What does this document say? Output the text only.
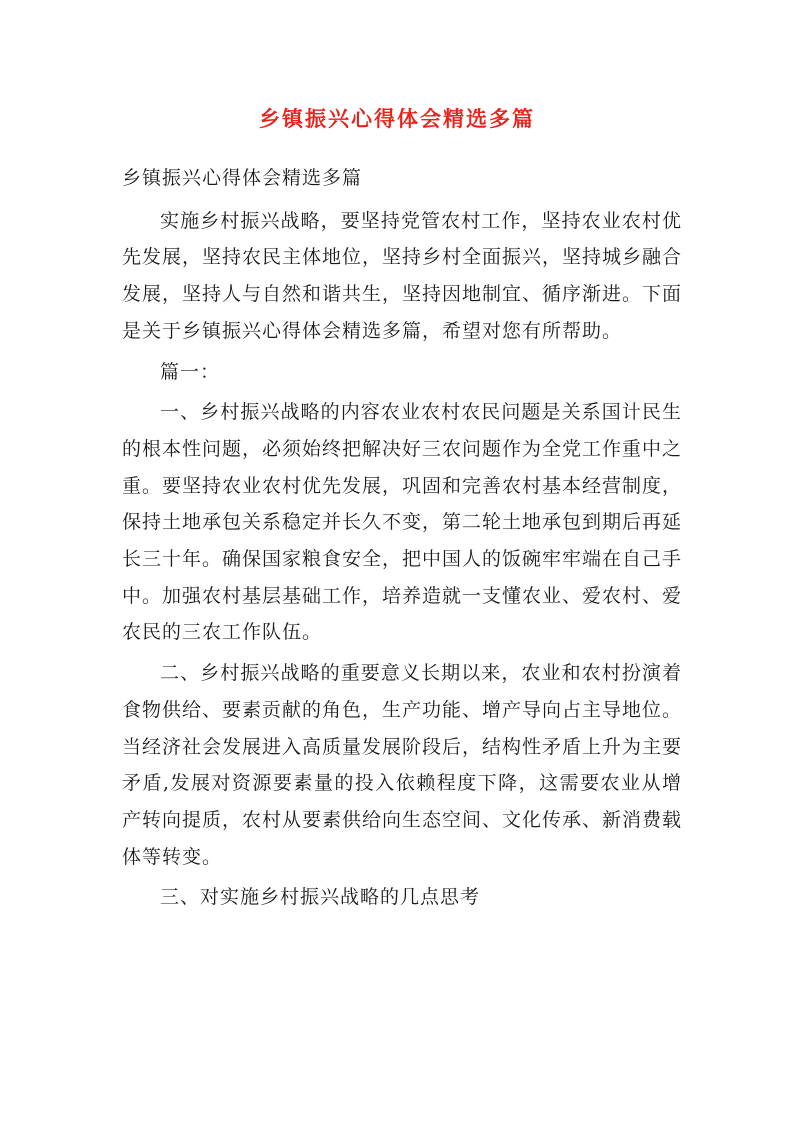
乡镇振兴心得体会精选多篇

乡镇振兴心得体会精选多篇

实施乡村振兴战略，要坚持党管农村工作，坚持农业农村优先发展，坚持农民主体地位，坚持乡村全面振兴，坚持城乡融合发展，坚持人与自然和谐共生，坚持因地制宜、循序渐进。下面是关于乡镇振兴心得体会精选多篇，希望对您有所帮助。

篇一：

一、乡村振兴战略的内容农业农村农民问题是关系国计民生的根本性问题，必须始终把解决好三农问题作为全党工作重中之重。要坚持农业农村优先发展，巩固和完善农村基本经营制度，保持土地承包关系稳定并长久不变，第二轮土地承包到期后再延长三十年。确保国家粮食安全，把中国人的饭碗牢牢端在自己手中。加强农村基层基础工作，培养造就一支懂农业、爱农村、爱农民的三农工作队伍。

二、乡村振兴战略的重要意义长期以来，农业和农村扮演着食物供给、要素贡献的角色，生产功能、增产导向占主导地位。当经济社会发展进入高质量发展阶段后，结构性矛盾上升为主要矛盾,发展对资源要素量的投入依赖程度下降，这需要农业从增产转向提质，农村从要素供给向生态空间、文化传承、新消费载体等转变。

三、对实施乡村振兴战略的几点思考
